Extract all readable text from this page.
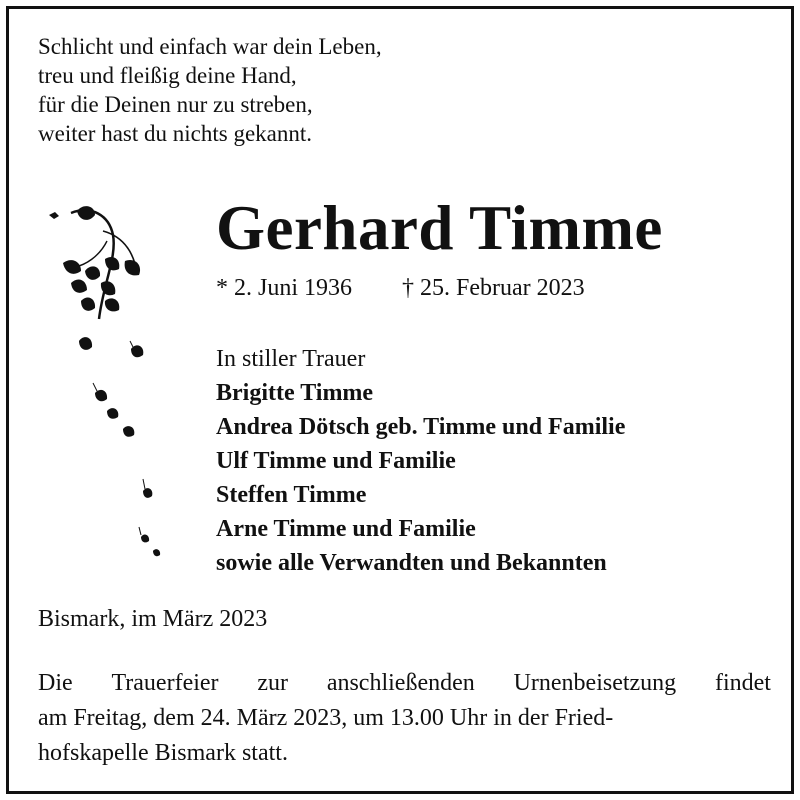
Schlicht und einfach war dein Leben,
treu und fleißig deine Hand,
für die Deinen nur zu streben,
weiter hast du nichts gekannt.
Gerhard Timme
* 2. Juni 1936 † 25. Februar 2023
In stiller Trauer
Brigitte Timme
Andrea Dötsch geb. Timme und Familie
Ulf Timme und Familie
Steffen Timme
Arne Timme und Familie
sowie alle Verwandten und Bekannten
Bismark, im März 2023
Die Trauerfeier zur anschließenden Urnenbeisetzung findet
am Freitag, dem 24. März 2023, um 13.00 Uhr in der Fried-
hofskapelle Bismark statt.
